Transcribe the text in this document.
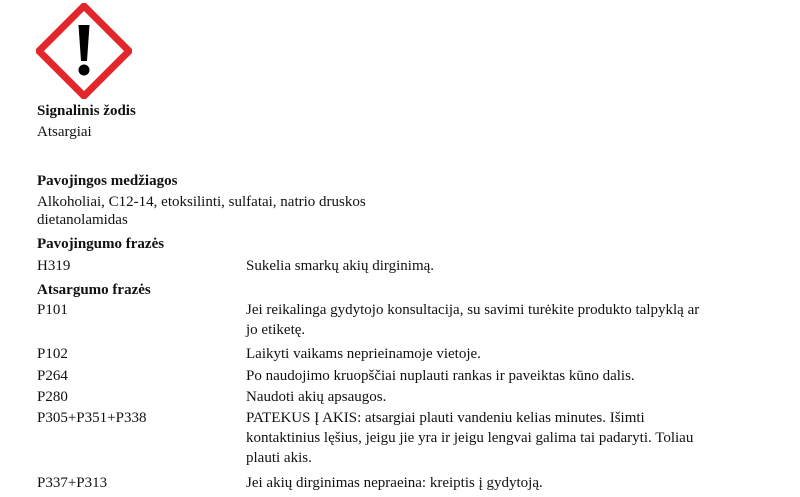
Signalinis žodis
Atsargiai
Pavojingos medžiagos
Alkoholiai, C12-14, etoksilinti, sulfatai, natrio druskos
dietanolamidas
Pavojingumo frazės
H319	Sukelia smarkų akių dirginimą.
Atsargumo frazės
P101	Jei reikalinga gydytojo konsultacija, su savimi turėkite produkto talpyklą ar
jo etiketę.
P102	Laikyti vaikams neprieinamoje vietoje.
P264	Po naudojimo kruopščiai nuplauti rankas ir paveiktas kūno dalis.
P280	Naudoti akių apsaugos.
P305+P351+P338	PATEKUS Į AKIS: atsargiai plauti vandeniu kelias minutes. Išimti
kontaktinius lęšius, jeigu jie yra ir jeigu lengvai galima tai padaryti. Toliau
plauti akis.
P337+P313	Jei akių dirginimas nepraeina: kreiptis į gydytoją.
